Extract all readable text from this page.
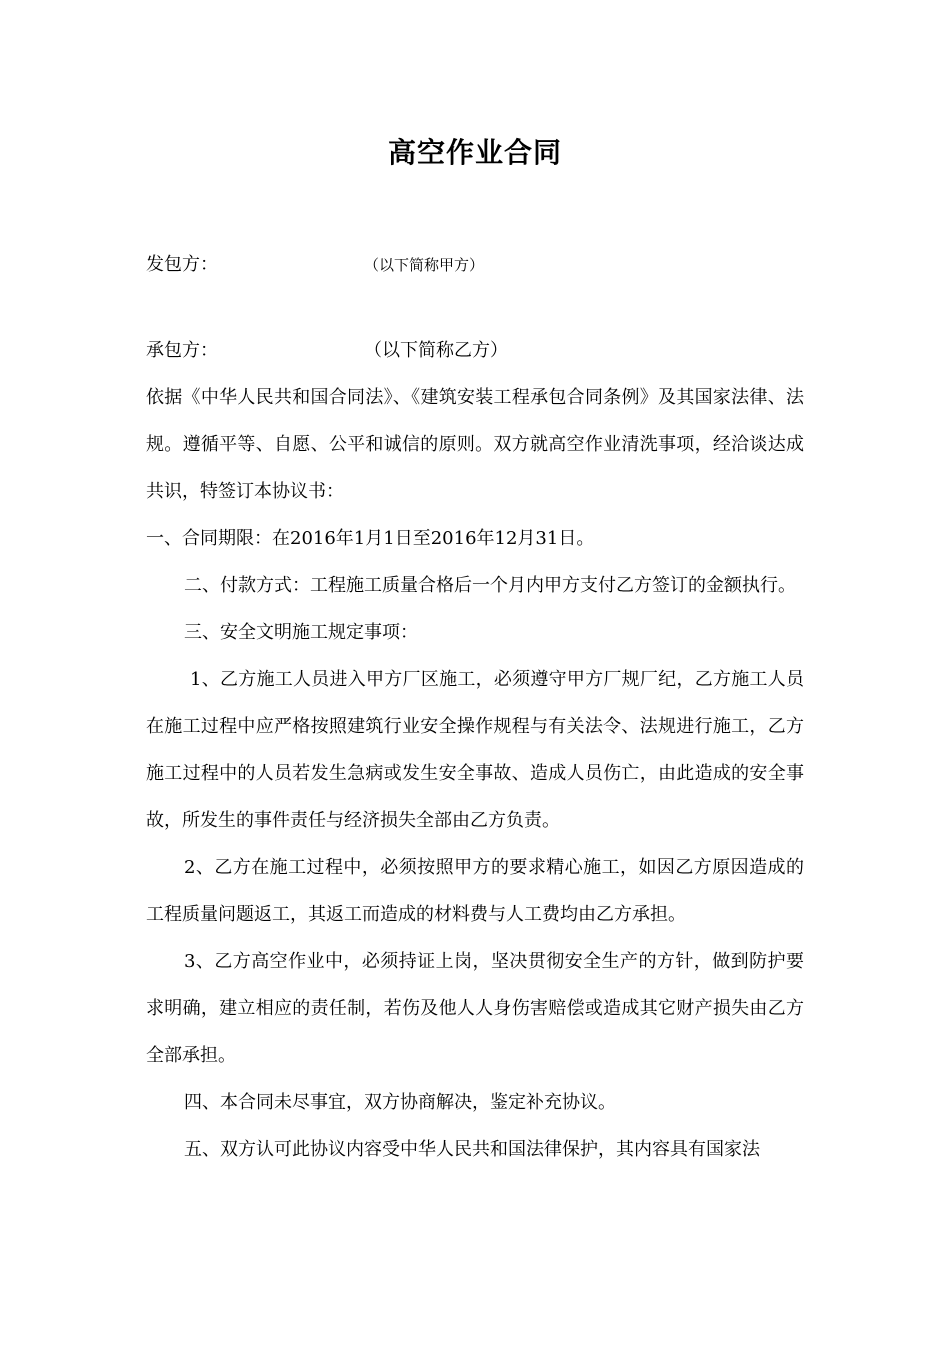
高空作业合同
发包方：	（以下简称甲方）
承包方：	（以下简称乙方）

依据《中华人民共和国合同法》、《建筑安装工程承包合同条例》及其国家法律、法规。遵循平等、自愿、公平和诚信的原则。双方就高空作业清洗事项，经洽谈达成共识，特签订本协议书：

一、合同期限：在2016年1月1日至2016年12月31日。

二、付款方式：工程施工质量合格后一个月内甲方支付乙方签订的金额执行。

三、安全文明施工规定事项：

1、乙方施工人员进入甲方厂区施工，必须遵守甲方厂规厂纪，乙方施工人员在施工过程中应严格按照建筑行业安全操作规程与有关法令、法规进行施工，乙方施工过程中的人员若发生急病或发生安全事故、造成人员伤亡，由此造成的安全事故，所发生的事件责任与经济损失全部由乙方负责。

2、乙方在施工过程中，必须按照甲方的要求精心施工，如因乙方原因造成的工程质量问题返工，其返工而造成的材料费与人工费均由乙方承担。

3、乙方高空作业中，必须持证上岗，坚决贯彻安全生产的方针，做到防护要求明确，建立相应的责任制，若伤及他人人身伤害赔偿或造成其它财产损失由乙方全部承担。

四、本合同未尽事宜，双方协商解决，鉴定补充协议。

五、双方认可此协议内容受中华人民共和国法律保护，其内容具有国家法
